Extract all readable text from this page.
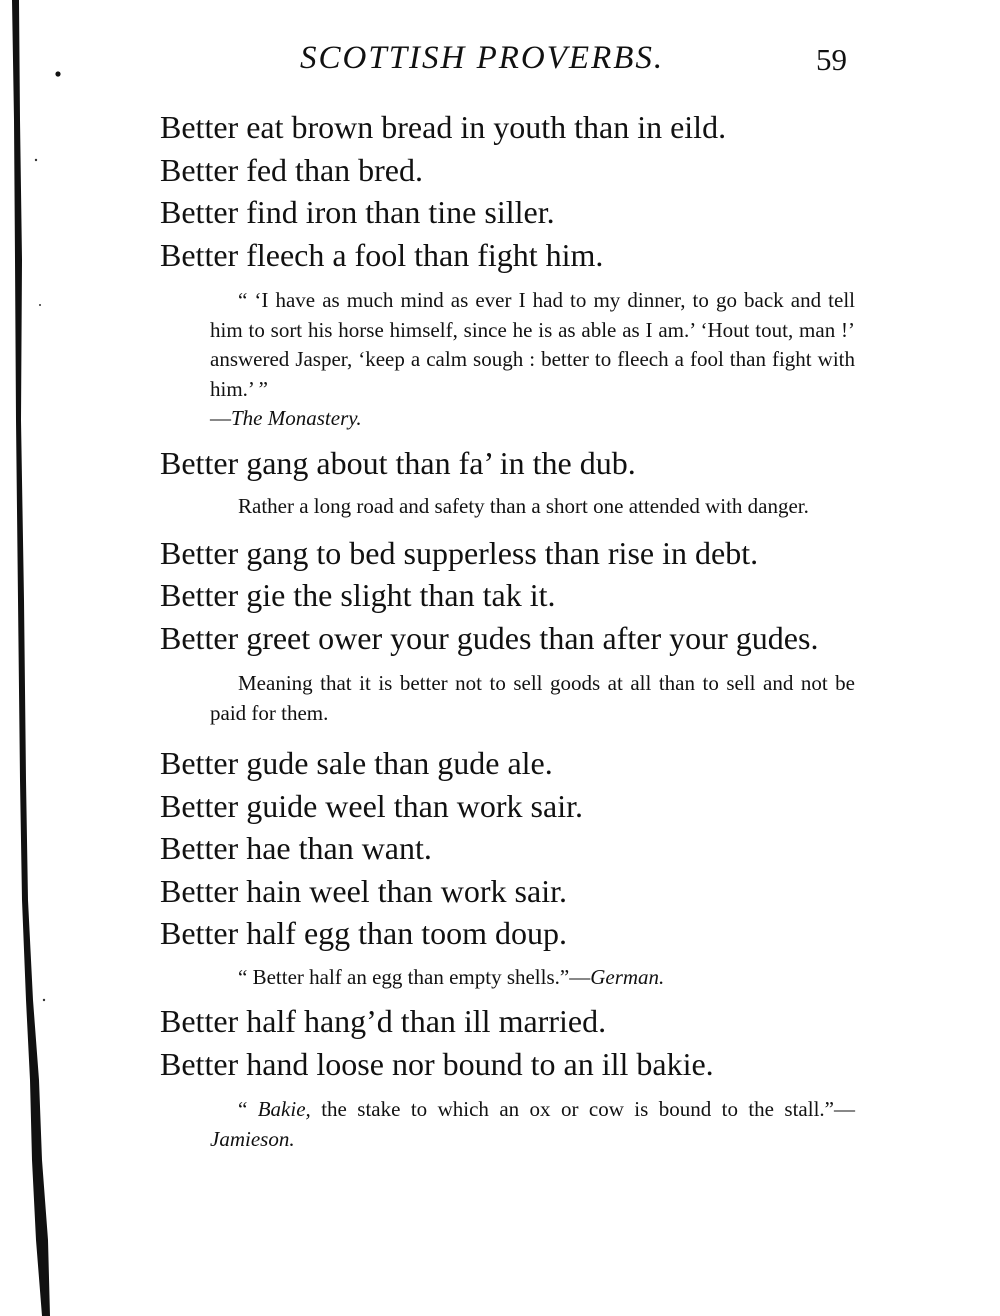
SCOTTISH PROVERBS.	59

Better eat brown bread in youth than in eild.

Better fed than bred.

Better find iron than tine siller.

Better fleech a fool than fight him.

“ ‘I have as much mind as ever I had to my dinner, to go back and tell him to sort his horse himself, since he is as able as I am.’ ‘Hout tout, man !’ answered Jasper, ‘keep a calm sough : better to fleech a fool than fight with him.’ ”
—The Monastery.

Better gang about than fa’ in the dub.

Rather a long road and safety than a short one attended with danger.

Better gang to bed supperless than rise in debt.

Better gie the slight than tak it.

Better greet ower your gudes than after your gudes.

Meaning that it is better not to sell goods at all than to sell and not be paid for them.

Better gude sale than gude ale.

Better guide weel than work sair.

Better hae than want.

Better hain weel than work sair.

Better half egg than toom doup.

“ Better half an egg than empty shells.”—German.

Better half hang’d than ill married.

Better hand loose nor bound to an ill bakie.

“ Bakie, the stake to which an ox or cow is bound to the stall.”—Jamieson.
